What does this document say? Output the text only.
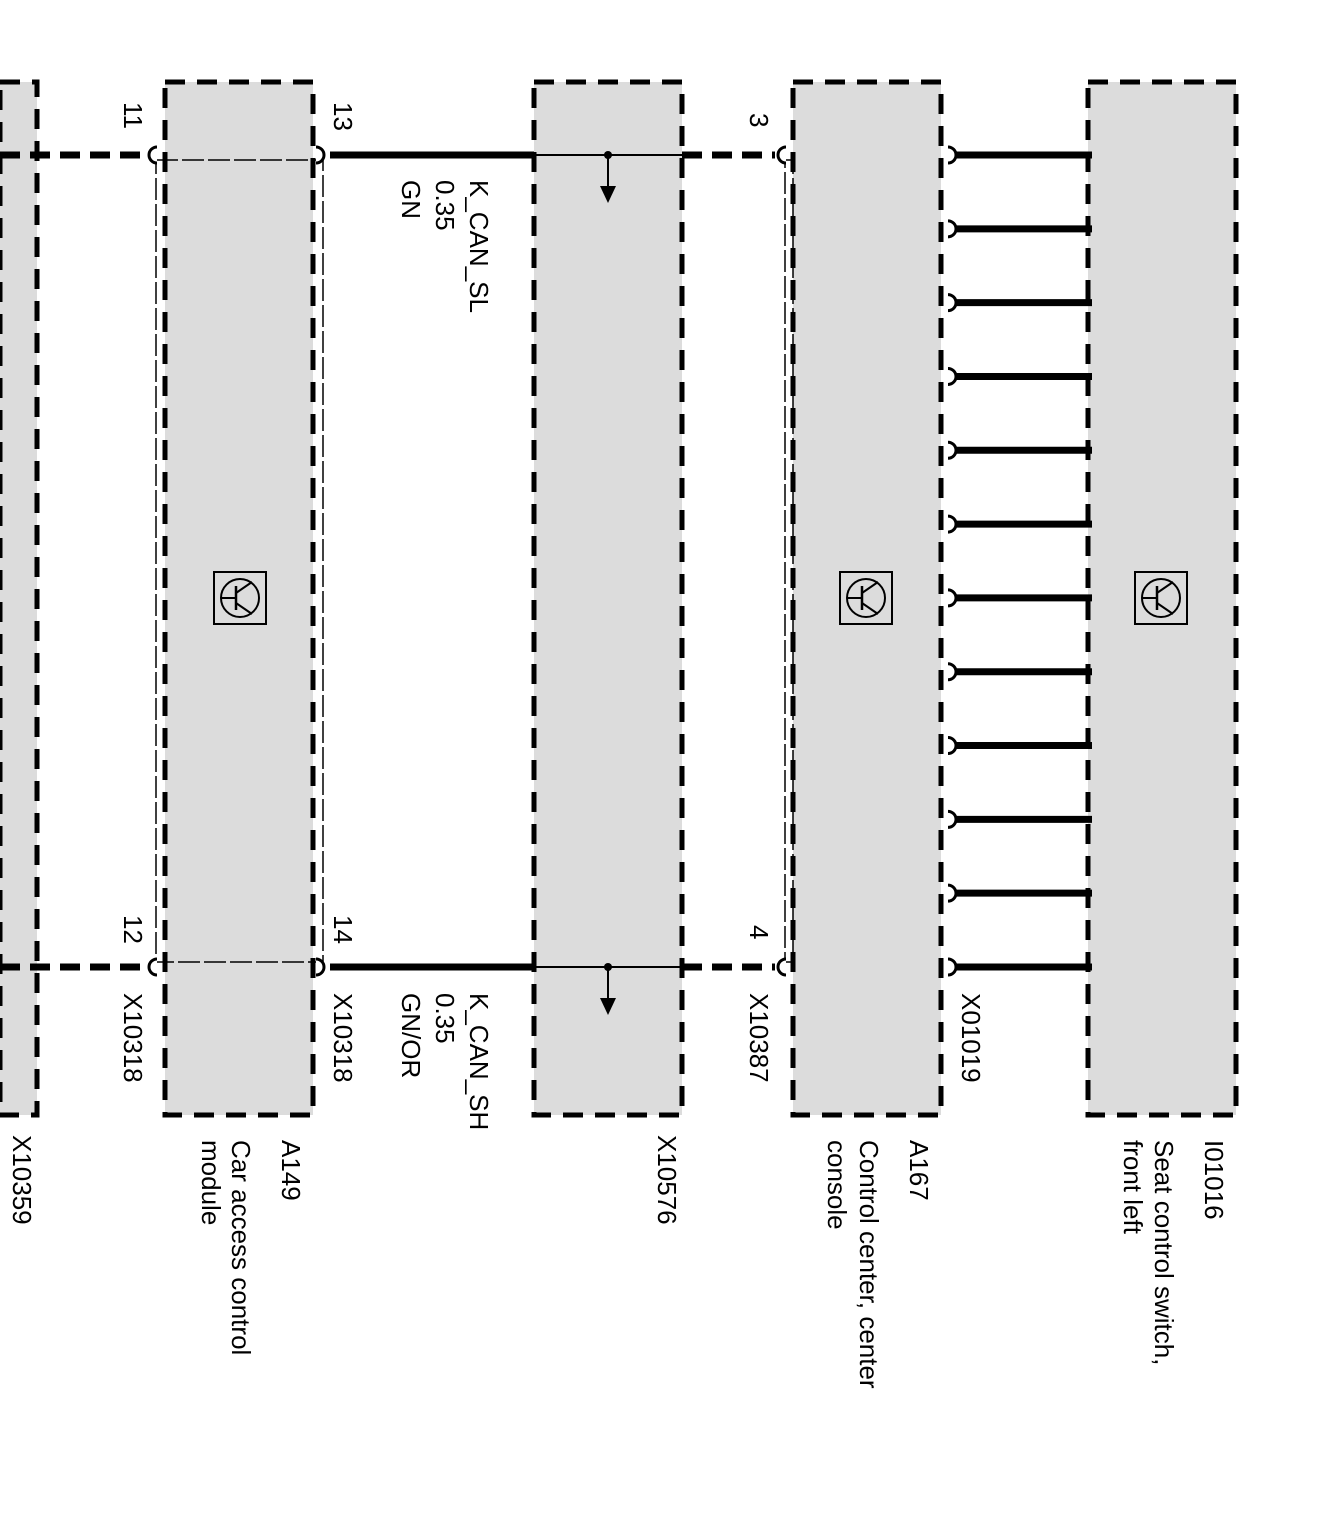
11
12
13
14
3
4
X10318	X10318	X10387	X01019
K_CAN_SL
0.35
GN
K_CAN_SH
0.35
GN/OR
X10359	A149
Car access control
module	X10576	A167
Control center, center
console	I01016
Seat control switch,
front left
